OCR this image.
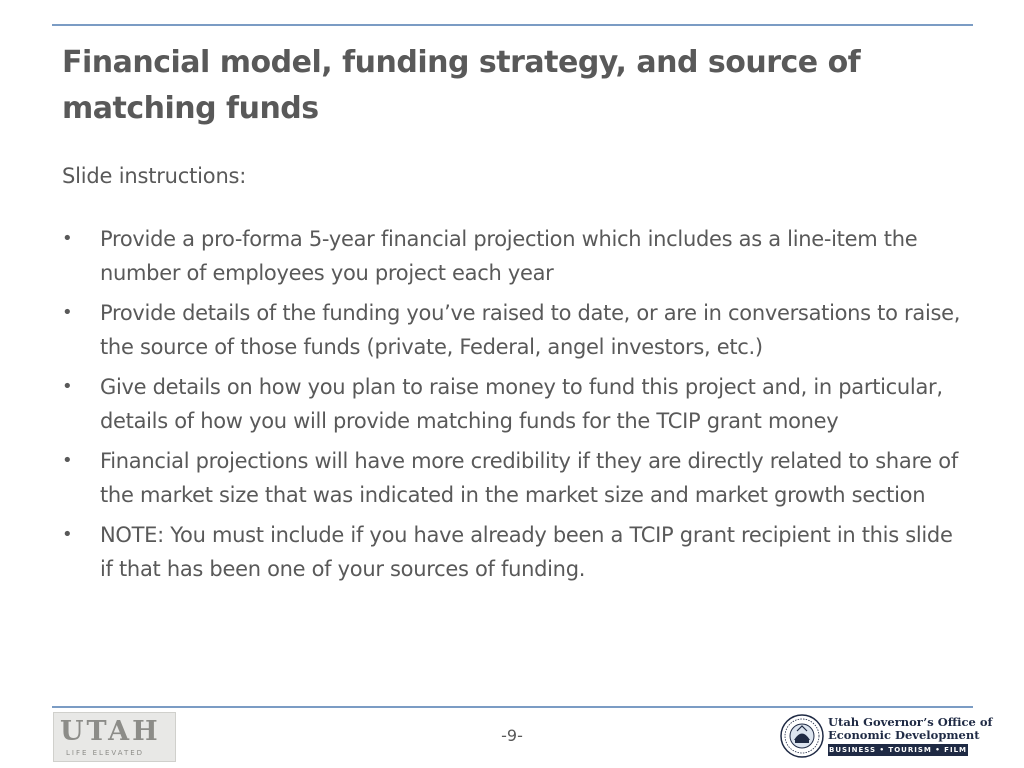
Financial model, funding strategy, and source of matching funds
Slide instructions:
•	Provide a pro-forma 5-year financial projection which includes as a line-item the number of employees you project each year
•	Provide details of the funding you’ve raised to date, or are in conversations to raise, the source of those funds (private, Federal, angel investors, etc.)
•	Give details on how you plan to raise money to fund this project and, in particular, details of how you will provide matching funds for the TCIP grant money
•	Financial projections will have more credibility if they are directly related to share of the market size that was indicated in the market size and market growth section
•	NOTE: You must include if you have already been a TCIP grant recipient in this slide if that has been one of your sources of funding.
UTAH
LIFE ELEVATED
-9-
Utah Governor’s Office of
Economic Development
BUSINESS • TOURISM • FILM
